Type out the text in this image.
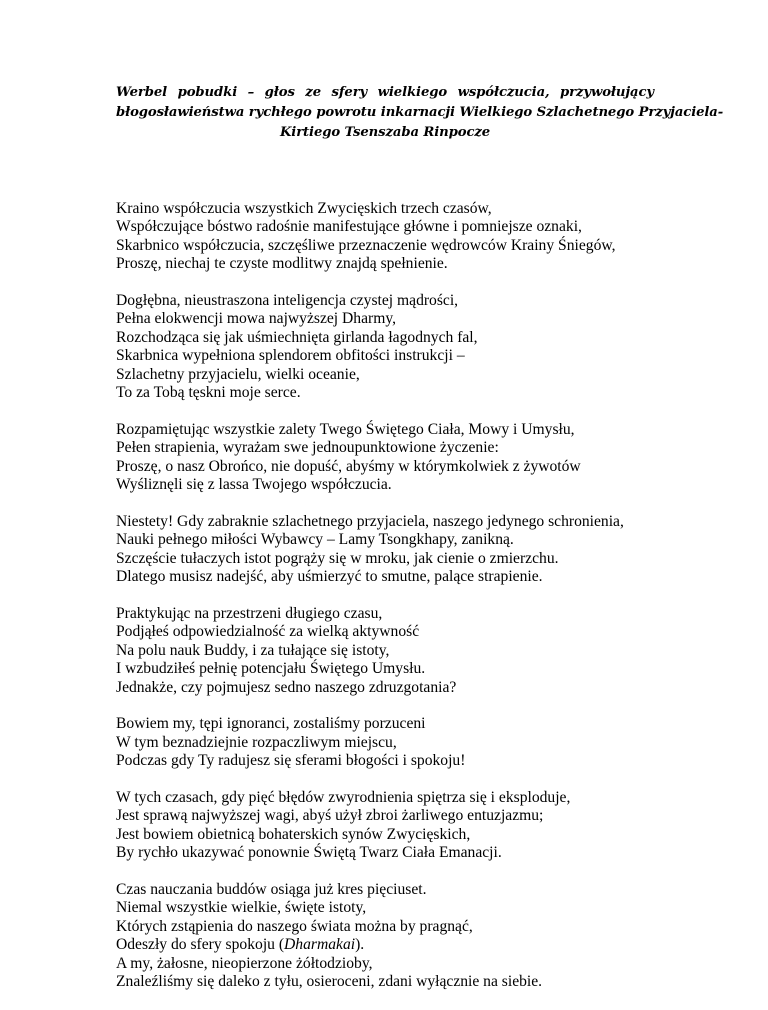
Werbel pobudki – głos ze sfery wielkiego współczucia, przywołujący
błogosławieństwa rychłego powrotu inkarnacji Wielkiego Szlachetnego Przyjaciela-
Kirtiego Tsenszaba Rinpocze
Kraino współczucia wszystkich Zwycięskich trzech czasów,
Współczujące bóstwo radośnie manifestujące główne i pomniejsze oznaki,
Skarbnico współczucia, szczęśliwe przeznaczenie wędrowców Krainy Śniegów,
Proszę, niechaj te czyste modlitwy znajdą spełnienie.
Dogłębna, nieustraszona inteligencja czystej mądrości,
Pełna elokwencji mowa najwyższej Dharmy,
Rozchodząca się jak uśmiechnięta girlanda łagodnych fal,
Skarbnica wypełniona splendorem obfitości instrukcji –
Szlachetny przyjacielu, wielki oceanie,
To za Tobą tęskni moje serce.
Rozpamiętując wszystkie zalety Twego Świętego Ciała, Mowy i Umysłu,
Pełen strapienia, wyrażam swe jednoupunktowione życzenie:
Proszę, o nasz Obrońco, nie dopuść, abyśmy w którymkolwiek z żywotów
Wyśliznęli się z lassa Twojego współczucia.
Niestety! Gdy zabraknie szlachetnego przyjaciela, naszego jedynego schronienia,
Nauki pełnego miłości Wybawcy – Lamy Tsongkhapy, zanikną.
Szczęście tułaczych istot pogrąży się w mroku, jak cienie o zmierzchu.
Dlatego musisz nadejść, aby uśmierzyć to smutne, palące strapienie.
Praktykując na przestrzeni długiego czasu,
Podjąłeś odpowiedzialność za wielką aktywność
Na polu nauk Buddy, i za tułające się istoty,
I wzbudziłeś pełnię potencjału Świętego Umysłu.
Jednakże, czy pojmujesz sedno naszego zdruzgotania?
Bowiem my, tępi ignoranci, zostaliśmy porzuceni
W tym beznadziejnie rozpaczliwym miejscu,
Podczas gdy Ty radujesz się sferami błogości i spokoju!
W tych czasach, gdy pięć błędów zwyrodnienia spiętrza się i eksploduje,
Jest sprawą najwyższej wagi, abyś użył zbroi żarliwego entuzjazmu;
Jest bowiem obietnicą bohaterskich synów Zwycięskich,
By rychło ukazywać ponownie Świętą Twarz Ciała Emanacji.
Czas nauczania buddów osiąga już kres pięciuset.
Niemal wszystkie wielkie, święte istoty,
Których zstąpienia do naszego świata można by pragnąć,
Odeszły do sfery spokoju (Dharmakai).
A my, żałosne, nieopierzone żółtodzioby,
Znaleźliśmy się daleko z tyłu, osieroceni, zdani wyłącznie na siebie.
